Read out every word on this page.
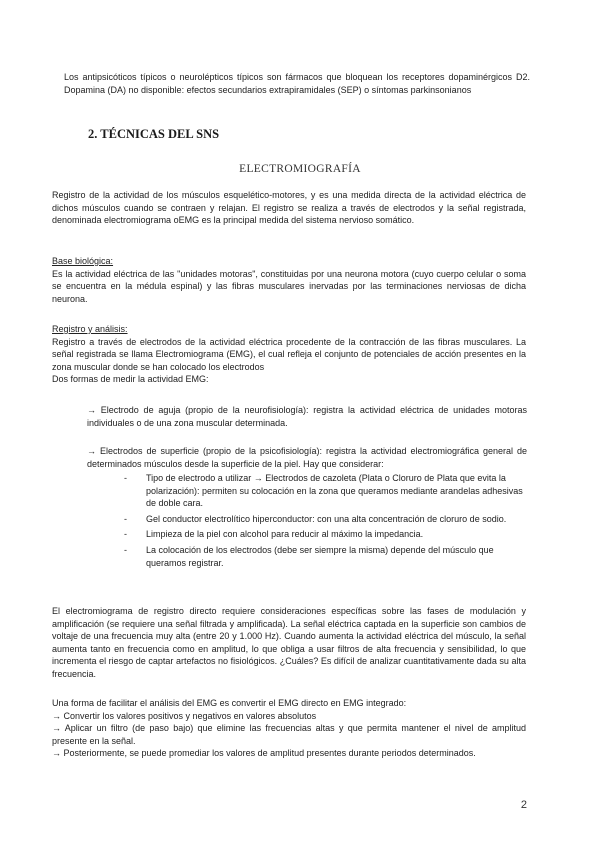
Los antipsicóticos típicos o neurolépticos típicos son fármacos que bloquean los receptores dopaminérgicos D2. Dopamina (DA) no disponible: efectos secundarios extrapiramidales (SEP) o síntomas parkinsonianos

2. TÉCNICAS DEL SNS
ELECTROMIOGRAFÍA

Registro de la actividad de los músculos esquelético-motores, y es una medida directa de la actividad eléctrica de dichos músculos cuando se contraen y relajan. El registro se realiza a través de electrodos y la señal registrada, denominada electromiograma oEMG es la principal medida del sistema nervioso somático.

Base biológica:

Es la actividad eléctrica de las "unidades motoras", constituidas por una neurona motora (cuyo cuerpo celular o soma se encuentra en la médula espinal) y las fibras musculares inervadas por las terminaciones nerviosas de dicha neurona.

Registro y análisis:

Registro a través de electrodos de la actividad eléctrica procedente de la contracción de las fibras musculares. La señal registrada se llama Electromiograma (EMG), el cual refleja el conjunto de potenciales de acción presentes en la zona muscular donde se han colocado los electrodos

Dos formas de medir la actividad EMG:

→ Electrodo de aguja (propio de la neurofisiología): registra la actividad eléctrica de unidades motoras individuales o de una zona muscular determinada.

→ Electrodos de superficie (propio de la psicofisiología): registra la actividad electromiográfica general de determinados músculos desde la superficie de la piel. Hay que considerar:

- Tipo de electrodo a utilizar → Electrodos de cazoleta (Plata o Cloruro de Plata que evita la polarización): permiten su colocación en la zona que queramos mediante arandelas adhesivas de doble cara.
- Gel conductor electrolítico hiperconductor: con una alta concentración de cloruro de sodio.
- Limpieza de la piel con alcohol para reducir al máximo la impedancia.
- La colocación de los electrodos (debe ser siempre la misma) depende del músculo que queramos registrar.

El electromiograma de registro directo requiere consideraciones específicas sobre las fases de modulación y amplificación (se requiere una señal filtrada y amplificada). La señal eléctrica captada en la superficie son cambios de voltaje de una frecuencia muy alta (entre 20 y 1.000 Hz). Cuando aumenta la actividad eléctrica del músculo, la señal aumenta tanto en frecuencia como en amplitud, lo que obliga a usar filtros de alta frecuencia y sensibilidad, lo que incrementa el riesgo de captar artefactos no fisiológicos. ¿Cuáles? Es difícil de analizar cuantitativamente dada su alta frecuencia.

Una forma de facilitar el análisis del EMG es convertir el EMG directo en EMG integrado:

→ Convertir los valores positivos y negativos en valores absolutos

→ Aplicar un filtro (de paso bajo) que elimine las frecuencias altas y que permita mantener el nivel de amplitud presente en la señal.

→ Posteriormente, se puede promediar los valores de amplitud presentes durante periodos determinados.

2
